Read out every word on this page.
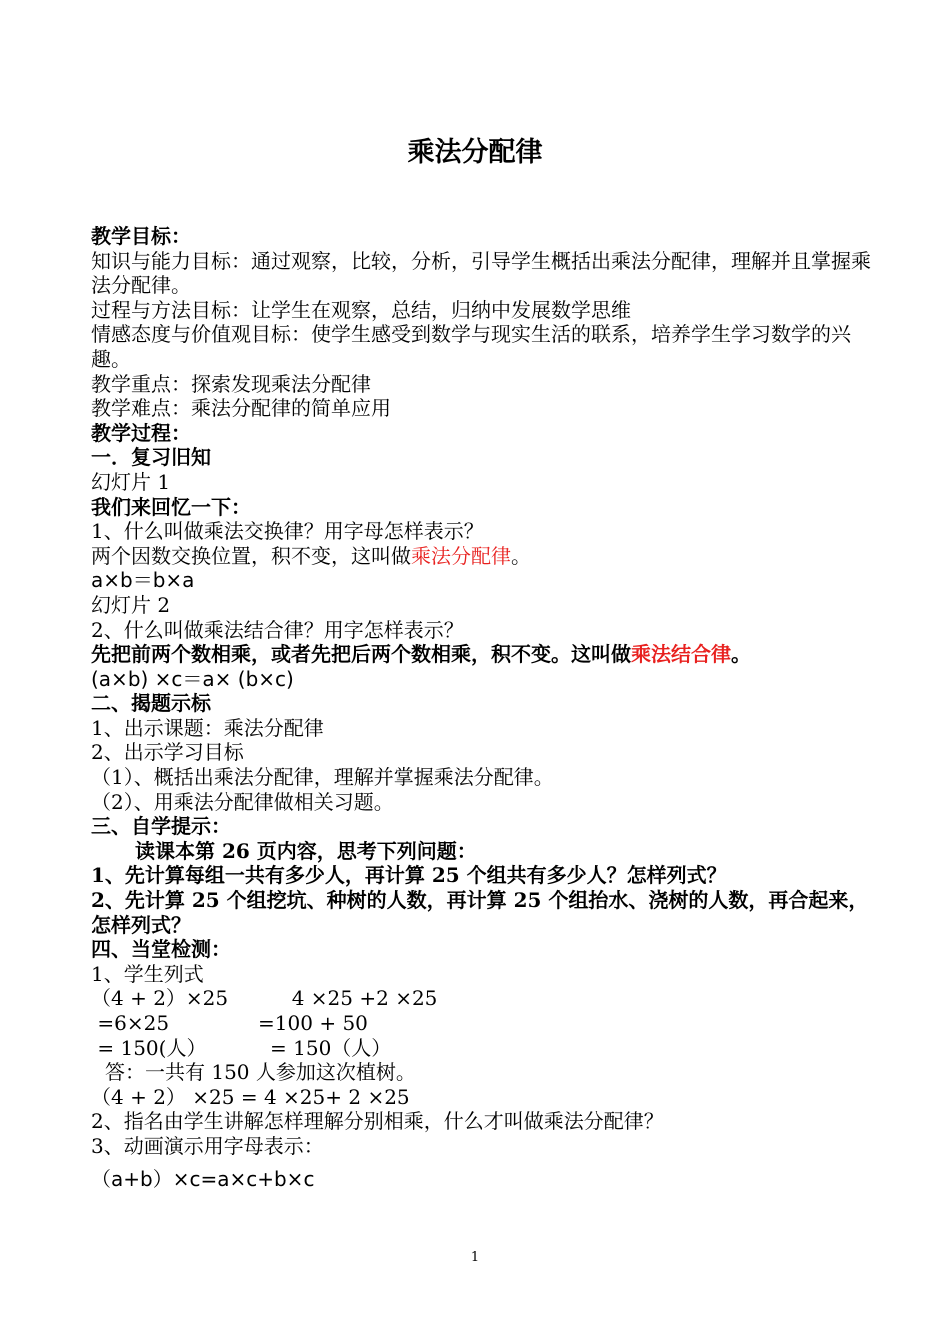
乘法分配律
教学目标：
知识与能力目标：通过观察，比较，分析，引导学生概括出乘法分配律，理解并且掌握乘法分配律。
过程与方法目标：让学生在观察，总结，归纳中发展数学思维
情感态度与价值观目标：使学生感受到数学与现实生活的联系，培养学生学习数学的兴趣。
教学重点：探索发现乘法分配律
教学难点：乘法分配律的简单应用
教学过程：
一．复习旧知
幻灯片 1
我们来回忆一下：
1、什么叫做乘法交换律？用字母怎样表示？
两个因数交换位置，积不变，这叫做乘法分配律。
a×b＝b×a
幻灯片 2
2、什么叫做乘法结合律？用字怎样表示？
先把前两个数相乘，或者先把后两个数相乘，积不变。这叫做乘法结合律。
(a×b) ×c＝a× (b×c)
二、揭题示标
1、出示课题：乘法分配律
2、出示学习目标
（1）、概括出乘法分配律，理解并掌握乘法分配律。
（2）、用乘法分配律做相关习题。
三、自学提示：
读课本第 26 页内容，思考下列问题：
1、先计算每组一共有多少人，再计算 25 个组共有多少人？怎样列式？
2、先计算 25 个组挖坑、种树的人数，再计算 25 个组抬水、浇树的人数，再合起来，怎样列式？
四、当堂检测：
1、学生列式
（4 + 2）×25          4 ×25 +2 ×25
=6×25              =100 + 50
= 150(人）          = 150（人）
答：一共有 150 人参加这次植树。
（4 + 2） ×25 = 4 ×25+ 2 ×25
2、指名由学生讲解怎样理解分别相乘，什么才叫做乘法分配律？
3、动画演示用字母表示：
（a+b）×c=a×c+b×c
1
